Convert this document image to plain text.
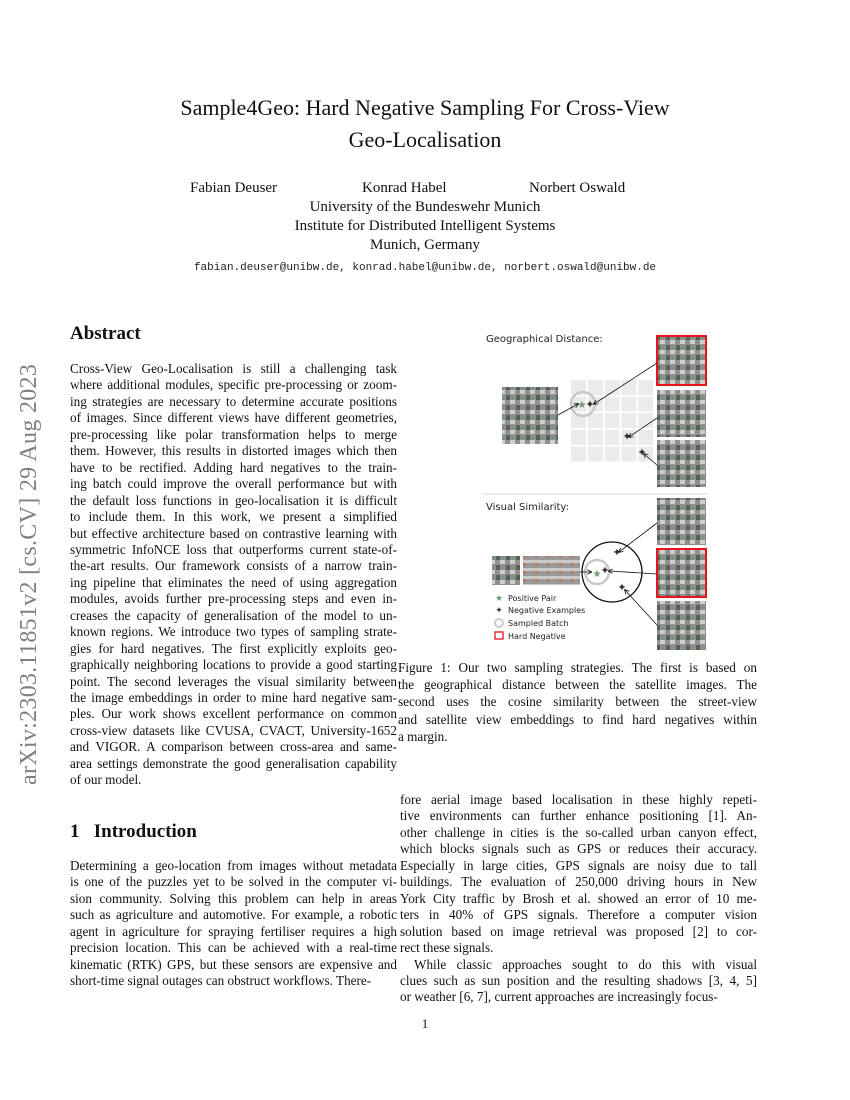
arXiv:2303.11851v2 [cs.CV] 29 Aug 2023
Sample4Geo: Hard Negative Sampling For Cross-View
Geo-Localisation
Fabian Deuser	Konrad Habel	Norbert Oswald
University of the Bundeswehr Munich
Institute for Distributed Intelligent Systems
Munich, Germany
fabian.deuser@unibw.de, konrad.habel@unibw.de, norbert.oswald@unibw.de
Abstract
Cross-View Geo-Localisation is still a challenging task
where additional modules, specific pre-processing or zoom-
ing strategies are necessary to determine accurate positions
of images. Since different views have different geometries,
pre-processing like polar transformation helps to merge
them. However, this results in distorted images which then
have to be rectified. Adding hard negatives to the train-
ing batch could improve the overall performance but with
the default loss functions in geo-localisation it is difficult
to include them. In this work, we present a simplified
but effective architecture based on contrastive learning with
symmetric InfoNCE loss that outperforms current state-of-
the-art results. Our framework consists of a narrow train-
ing pipeline that eliminates the need of using aggregation
modules, avoids further pre-processing steps and even in-
creases the capacity of generalisation of the model to un-
known regions. We introduce two types of sampling strate-
gies for hard negatives. The first explicitly exploits geo-
graphically neighboring locations to provide a good starting
point. The second leverages the visual similarity between
the image embeddings in order to mine hard negative sam-
ples. Our work shows excellent performance on common
cross-view datasets like CVUSA, CVACT, University-1652
and VIGOR. A comparison between cross-area and same-
area settings demonstrate the good generalisation capability
of our model.
1   Introduction
Determining a geo-location from images without metadata
is one of the puzzles yet to be solved in the computer vi-
sion community. Solving this problem can help in areas
such as agriculture and automotive. For example, a robotic
agent in agriculture for spraying fertiliser requires a high
precision location. This can be achieved with a real-time
kinematic (RTK) GPS, but these sensors are expensive and
short-time signal outages can obstruct workflows. There-
Geographical Distance:
★
✦
✦
✦
Visual Similarity:
★
✦
✦
✦
★ Positive Pair
✦ Negative Examples
Sampled Batch
Hard Negative
Figure 1: Our two sampling strategies. The first is based on
the geographical distance between the satellite images. The
second uses the cosine similarity between the street-view
and satellite view embeddings to find hard negatives within
a margin.
fore aerial image based localisation in these highly repeti-
tive environments can further enhance positioning [1]. An-
other challenge in cities is the so-called urban canyon effect,
which blocks signals such as GPS or reduces their accuracy.
Especially in large cities, GPS signals are noisy due to tall
buildings. The evaluation of 250,000 driving hours in New
York City traffic by Brosh et al. showed an error of 10 me-
ters in 40% of GPS signals. Therefore a computer vision
solution based on image retrieval was proposed [2] to cor-
rect these signals.
While classic approaches sought to do this with visual
clues such as sun position and the resulting shadows [3, 4, 5]
or weather [6, 7], current approaches are increasingly focus-
1
